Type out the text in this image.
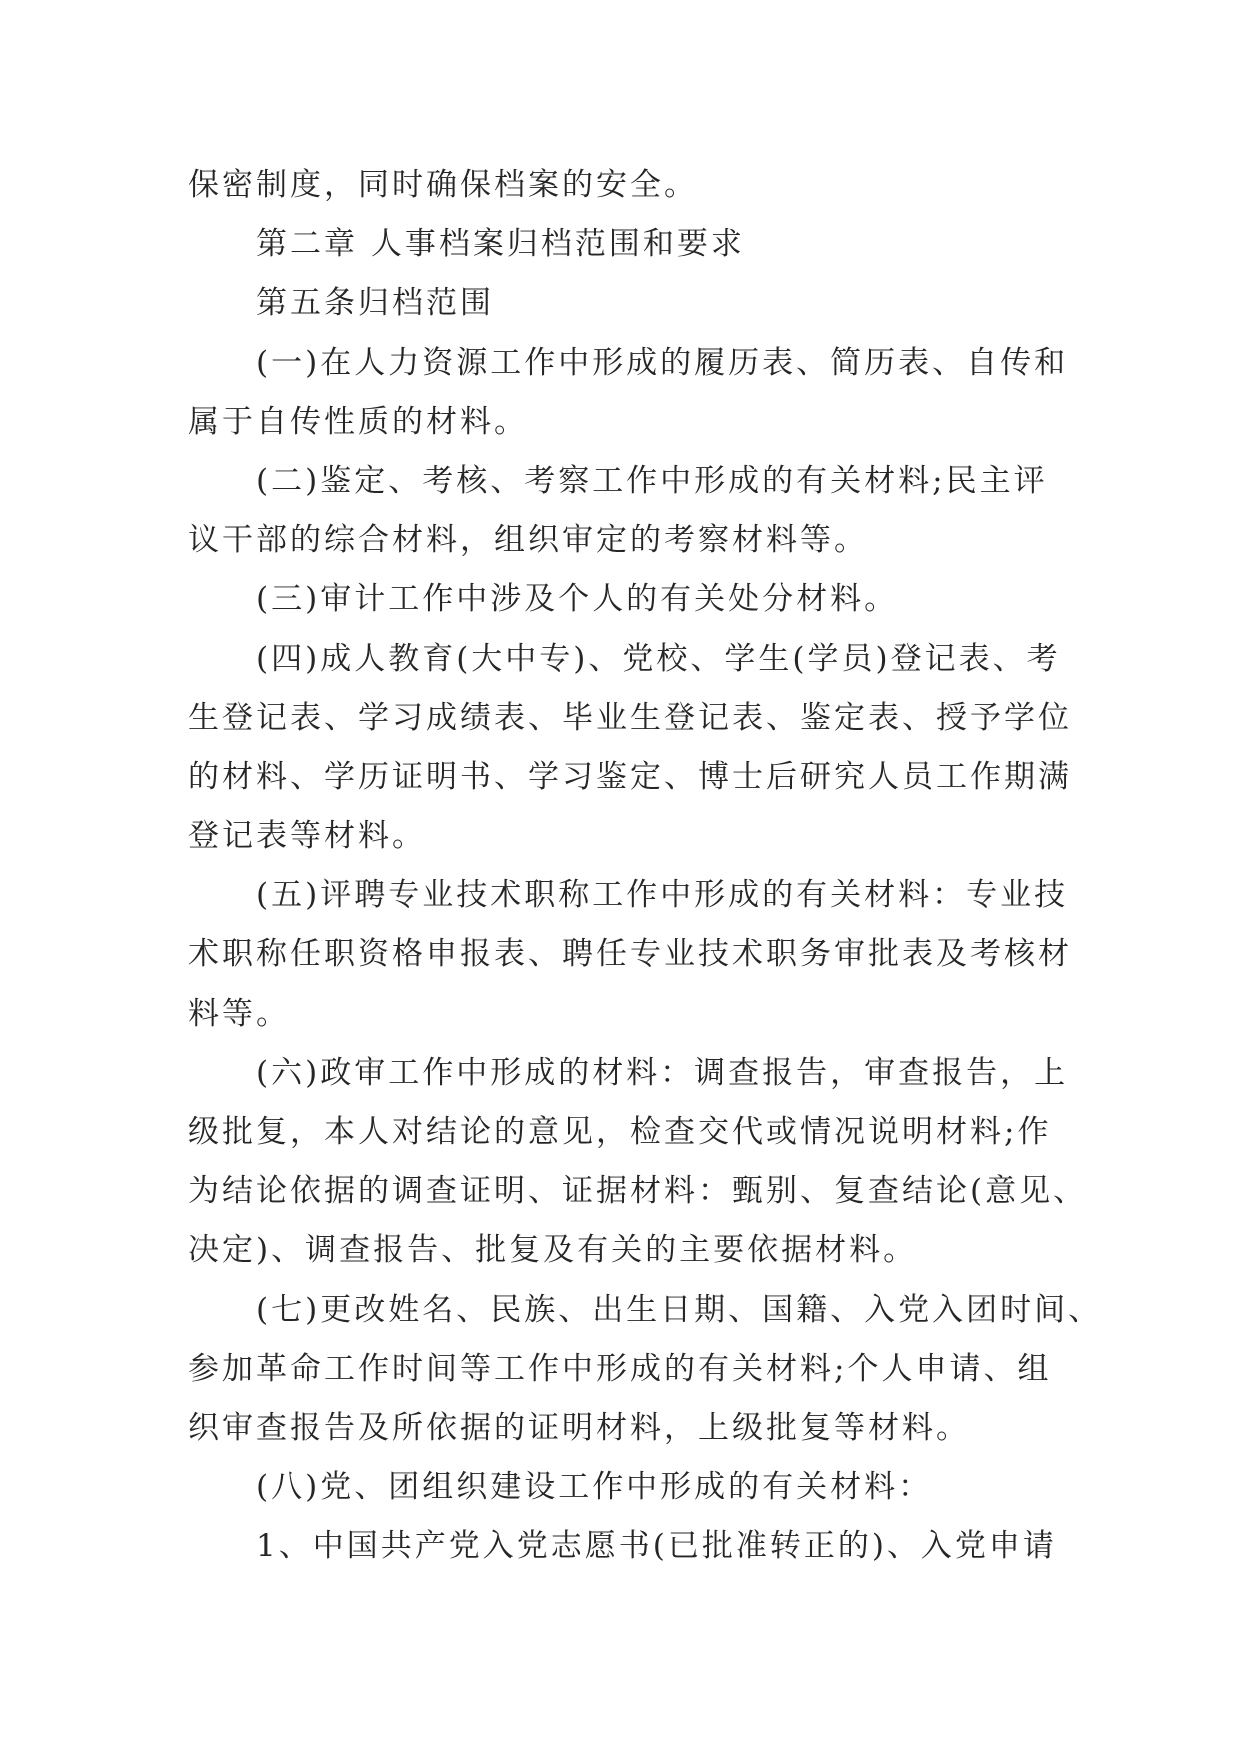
保密制度，同时确保档案的安全。
第二章 人事档案归档范围和要求
第五条归档范围
(一)在人力资源工作中形成的履历表、简历表、自传和
属于自传性质的材料。
(二)鉴定、考核、考察工作中形成的有关材料;民主评
议干部的综合材料，组织审定的考察材料等。
(三)审计工作中涉及个人的有关处分材料。
(四)成人教育(大中专)、党校、学生(学员)登记表、考
生登记表、学习成绩表、毕业生登记表、鉴定表、授予学位
的材料、学历证明书、学习鉴定、博士后研究人员工作期满
登记表等材料。
(五)评聘专业技术职称工作中形成的有关材料：专业技
术职称任职资格申报表、聘任专业技术职务审批表及考核材
料等。
(六)政审工作中形成的材料：调查报告，审查报告，上
级批复，本人对结论的意见，检查交代或情况说明材料;作
为结论依据的调查证明、证据材料：甄别、复查结论(意见、
决定)、调查报告、批复及有关的主要依据材料。
(七)更改姓名、民族、出生日期、国籍、入党入团时间、
参加革命工作时间等工作中形成的有关材料;个人申请、组
织审查报告及所依据的证明材料，上级批复等材料。
(八)党、团组织建设工作中形成的有关材料：
1、中国共产党入党志愿书(已批准转正的)、入党申请
